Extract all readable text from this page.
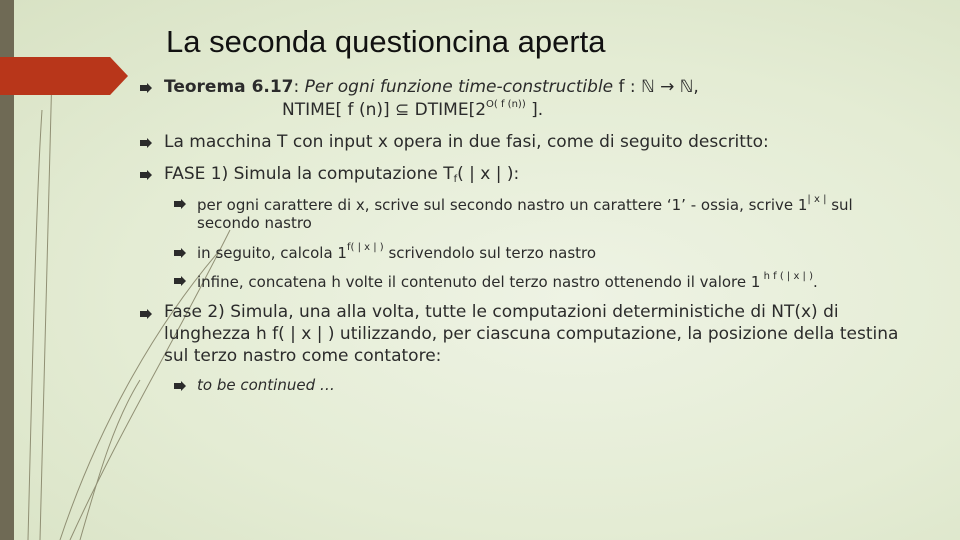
La seconda questioncina aperta
Teorema 6.17: Per ogni funzione time-constructible f : ℕ → ℕ,
NTIME[ f (n)] ⊆ $DTIME[2^{O( f (n))}$ ].
La macchina T con input x opera in due fasi, come di seguito descritto:
FASE 1) Simula la computazione $T_f$( | x | ):
per ogni carattere di x, scrive sul secondo nastro un carattere ‘1’ - ossia, scrive $1^{| x |}$ sul
secondo nastro
in seguito, calcola $1^{f( | x | )}$ scrivendolo sul terzo nastro
infine, concatena h volte il contenuto del terzo nastro ottenendo il valore 1 $^{h f ( | x | )}$.
Fase 2) Simula, una alla volta, tutte le computazioni deterministiche di NT(x) di
lunghezza h f( | x | ) utilizzando, per ciascuna computazione, la posizione della testina
sul terzo nastro come contatore:
to be continued …
